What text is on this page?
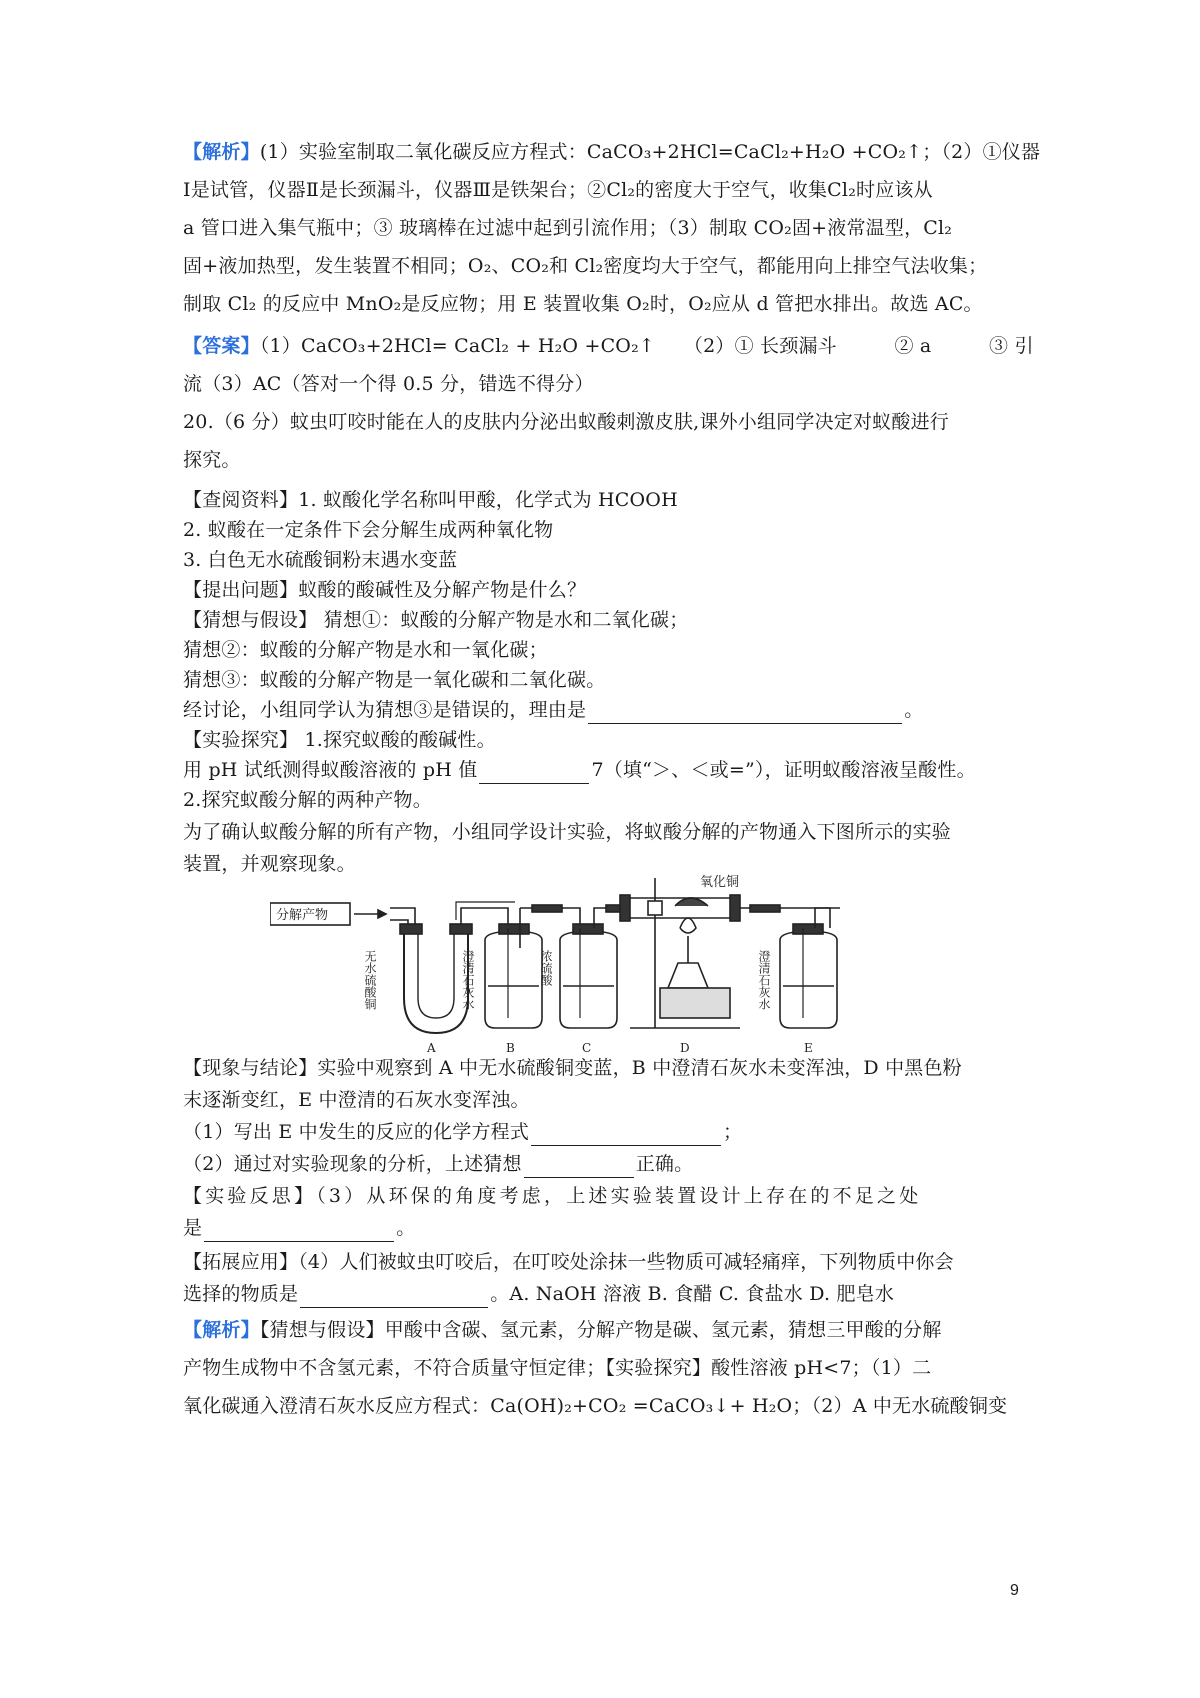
【解析】(1）实验室制取二氧化碳反应方程式：CaCO₃+2HCl=CaCl₂+H₂O +CO₂↑；（2）①仪器
Ⅰ是试管，仪器Ⅱ是长颈漏斗，仪器Ⅲ是铁架台；②Cl₂的密度大于空气，收集Cl₂时应该从
a 管口进入集气瓶中；③ 玻璃棒在过滤中起到引流作用；（3）制取 CO₂固+液常温型，Cl₂
固+液加热型，发生装置不相同；O₂、CO₂和 Cl₂密度均大于空气，都能用向上排空气法收集；
制取 Cl₂ 的反应中 MnO₂是反应物；用 E 装置收集 O₂时，O₂应从 d 管把水排出。故选 AC。
【答案】（1）CaCO₃+2HCl= CaCl₂ + H₂O +CO₂↑　　（2）① 长颈漏斗　　　② a　　　③ 引
流（3）AC（答对一个得 0.5 分，错选不得分）
20.（6 分）蚊虫叮咬时能在人的皮肤内分泌出蚁酸刺激皮肤,课外小组同学决定对蚁酸进行
探究。
【查阅资料】1. 蚁酸化学名称叫甲酸，化学式为 HCOOH
2. 蚁酸在一定条件下会分解生成两种氧化物
3. 白色无水硫酸铜粉末遇水变蓝
【提出问题】蚁酸的酸碱性及分解产物是什么？
【猜想与假设】 猜想①：蚁酸的分解产物是水和二氧化碳；
猜想②：蚁酸的分解产物是水和一氧化碳；
猜想③：蚁酸的分解产物是一氧化碳和二氧化碳。
经讨论，小组同学认为猜想③是错误的，理由是	。
【实验探究】 1.探究蚁酸的酸碱性。
用 pH 试纸测得蚁酸溶液的 pH 值	7（填“＞、＜或=”），证明蚁酸溶液呈酸性。
2.探究蚁酸分解的两种产物。
为了确认蚁酸分解的所有产物，小组同学设计实验，将蚁酸分解的产物通入下图所示的实验
装置，并观察现象。
分解产物
氧化铜
无水硫酸铜	澄清石灰水	浓硫酸	澄清石灰水
A	B	C	D	E
【现象与结论】实验中观察到 A 中无水硫酸铜变蓝，B 中澄清石灰水未变浑浊，D 中黑色粉
末逐渐变红，E 中澄清的石灰水变浑浊。
（1）写出 E 中发生的反应的化学方程式	；
（2）通过对实验现象的分析，上述猜想	正确。
【实验反思】（3）从环保的角度考虑，上述实验装置设计上存在的不足之处
是	。
【拓展应用】（4）人们被蚊虫叮咬后，在叮咬处涂抹一些物质可减轻痛痒，下列物质中你会
选择的物质是	。A. NaOH 溶液 B. 食醋 C. 食盐水 D. 肥皂水
【解析】【猜想与假设】甲酸中含碳、氢元素，分解产物是碳、氢元素，猜想三甲酸的分解
产物生成物中不含氢元素，不符合质量守恒定律；【实验探究】酸性溶液 pH<7；（1）二
氧化碳通入澄清石灰水反应方程式：Ca(OH)₂+CO₂ =CaCO₃↓+ H₂O；（2）A 中无水硫酸铜变
9
